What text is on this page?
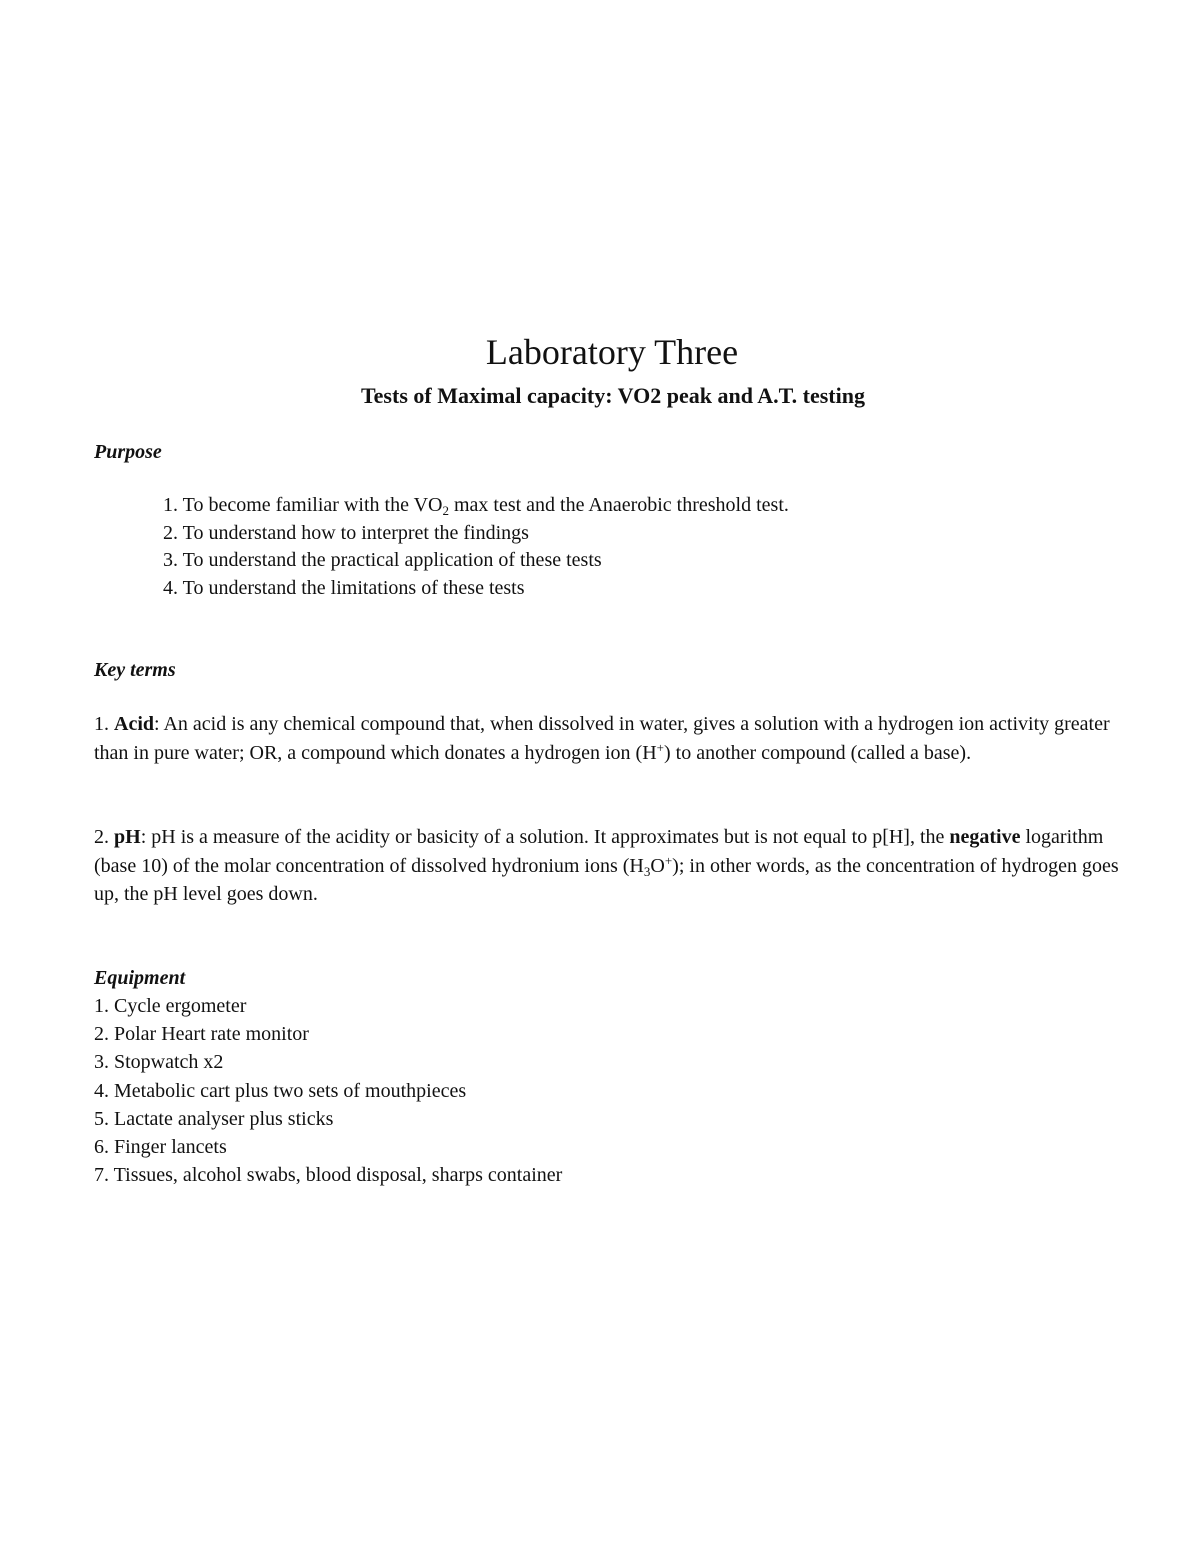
Laboratory Three
Tests of Maximal capacity: VO2 peak and A.T. testing
Purpose
1. To become familiar with the $VO_2$ max test and the Anaerobic threshold test.
2. To understand how to interpret the findings
3. To understand the practical application of these tests
4. To understand the limitations of these tests
Key terms

1. Acid: An acid is any chemical compound that, when dissolved in water, gives a solution with a hydrogen ion activity greater than in pure water; OR, a compound which donates a hydrogen ion (H+) to another compound (called a base).

2. pH: pH is a measure of the acidity or basicity of a solution. It approximates but is not equal to p[H], the negative logarithm (base 10) of the molar concentration of dissolved hydronium ions $(H_3O^+)$; in other words, as the concentration of hydrogen goes up, the pH level goes down.

Equipment
1. Cycle ergometer
2. Polar Heart rate monitor
3. Stopwatch x2
4. Metabolic cart plus two sets of mouthpieces
5. Lactate analyser plus sticks
6. Finger lancets
7. Tissues, alcohol swabs, blood disposal, sharps container
